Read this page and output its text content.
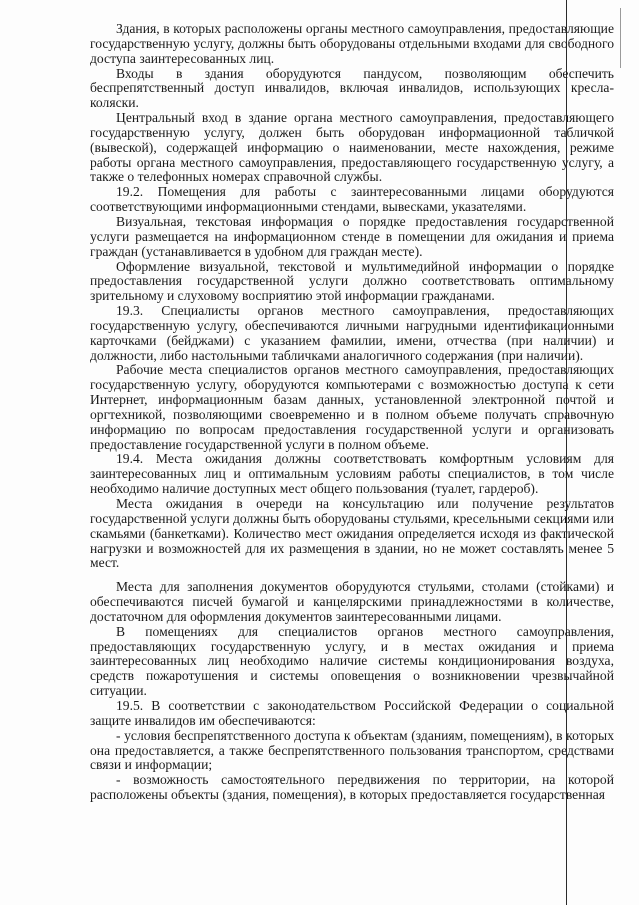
Здания, в которых расположены органы местного самоуправления, предоставляющие государственную услугу, должны быть оборудованы отдельными входами для свободного доступа заинтересованных лиц.

Входы в здания оборудуются пандусом, позволяющим обеспечить беспрепятственный доступ инвалидов, включая инвалидов, использующих кресла-коляски.

Центральный вход в здание органа местного самоуправления, предоставляющего государственную услугу, должен быть оборудован информационной табличкой (вывеской), содержащей информацию о наименовании, месте нахождения, режиме работы органа местного самоуправления, предоставляющего государственную услугу, а также о телефонных номерах справочной службы.

19.2. Помещения для работы с заинтересованными лицами оборудуются соответствующими информационными стендами, вывесками, указателями.

Визуальная, текстовая информация о порядке предоставления государственной услуги размещается на информационном стенде в помещении для ожидания и приема граждан (устанавливается в удобном для граждан месте).

Оформление визуальной, текстовой и мультимедийной информации о порядке предоставления государственной услуги должно соответствовать оптимальному зрительному и слуховому восприятию этой информации гражданами.

19.3. Специалисты органов местного самоуправления, предоставляющих государственную услугу, обеспечиваются личными нагрудными идентификационными карточками (бейджами) с указанием фамилии, имени, отчества (при наличии) и должности, либо настольными табличками аналогичного содержания (при наличии).

Рабочие места специалистов органов местного самоуправления, предоставляющих государственную услугу, оборудуются компьютерами с возможностью доступа к сети Интернет, информационным базам данных, установленной электронной почтой и оргтехникой, позволяющими своевременно и в полном объеме получать справочную информацию по вопросам предоставления государственной услуги и организовать предоставление государственной услуги в полном объеме.

19.4. Места ожидания должны соответствовать комфортным условиям для заинтересованных лиц и оптимальным условиям работы специалистов, в том числе необходимо наличие доступных мест общего пользования (туалет, гардероб).

Места ожидания в очереди на консультацию или получение результатов государственной услуги должны быть оборудованы стульями, кресельными секциями или скамьями (банкетками). Количество мест ожидания определяется исходя из фактической нагрузки и возможностей для их размещения в здании, но не может составлять менее 5 мест.

Места для заполнения документов оборудуются стульями, столами (стойками) и обеспечиваются писчей бумагой и канцелярскими принадлежностями в количестве, достаточном для оформления документов заинтересованными лицами.

В помещениях для специалистов органов местного самоуправления, предоставляющих государственную услугу, и в местах ожидания и приема заинтересованных лиц необходимо наличие системы кондиционирования воздуха, средств пожаротушения и системы оповещения о возникновении чрезвычайной ситуации.

19.5. В соответствии с законодательством Российской Федерации о социальной защите инвалидов им обеспечиваются:

- условия беспрепятственного доступа к объектам (зданиям, помещениям), в которых она предоставляется, а также беспрепятственного пользования транспортом, средствами связи и информации;

- возможность самостоятельного передвижения по территории, на которой расположены объекты (здания, помещения), в которых предоставляется государственная
